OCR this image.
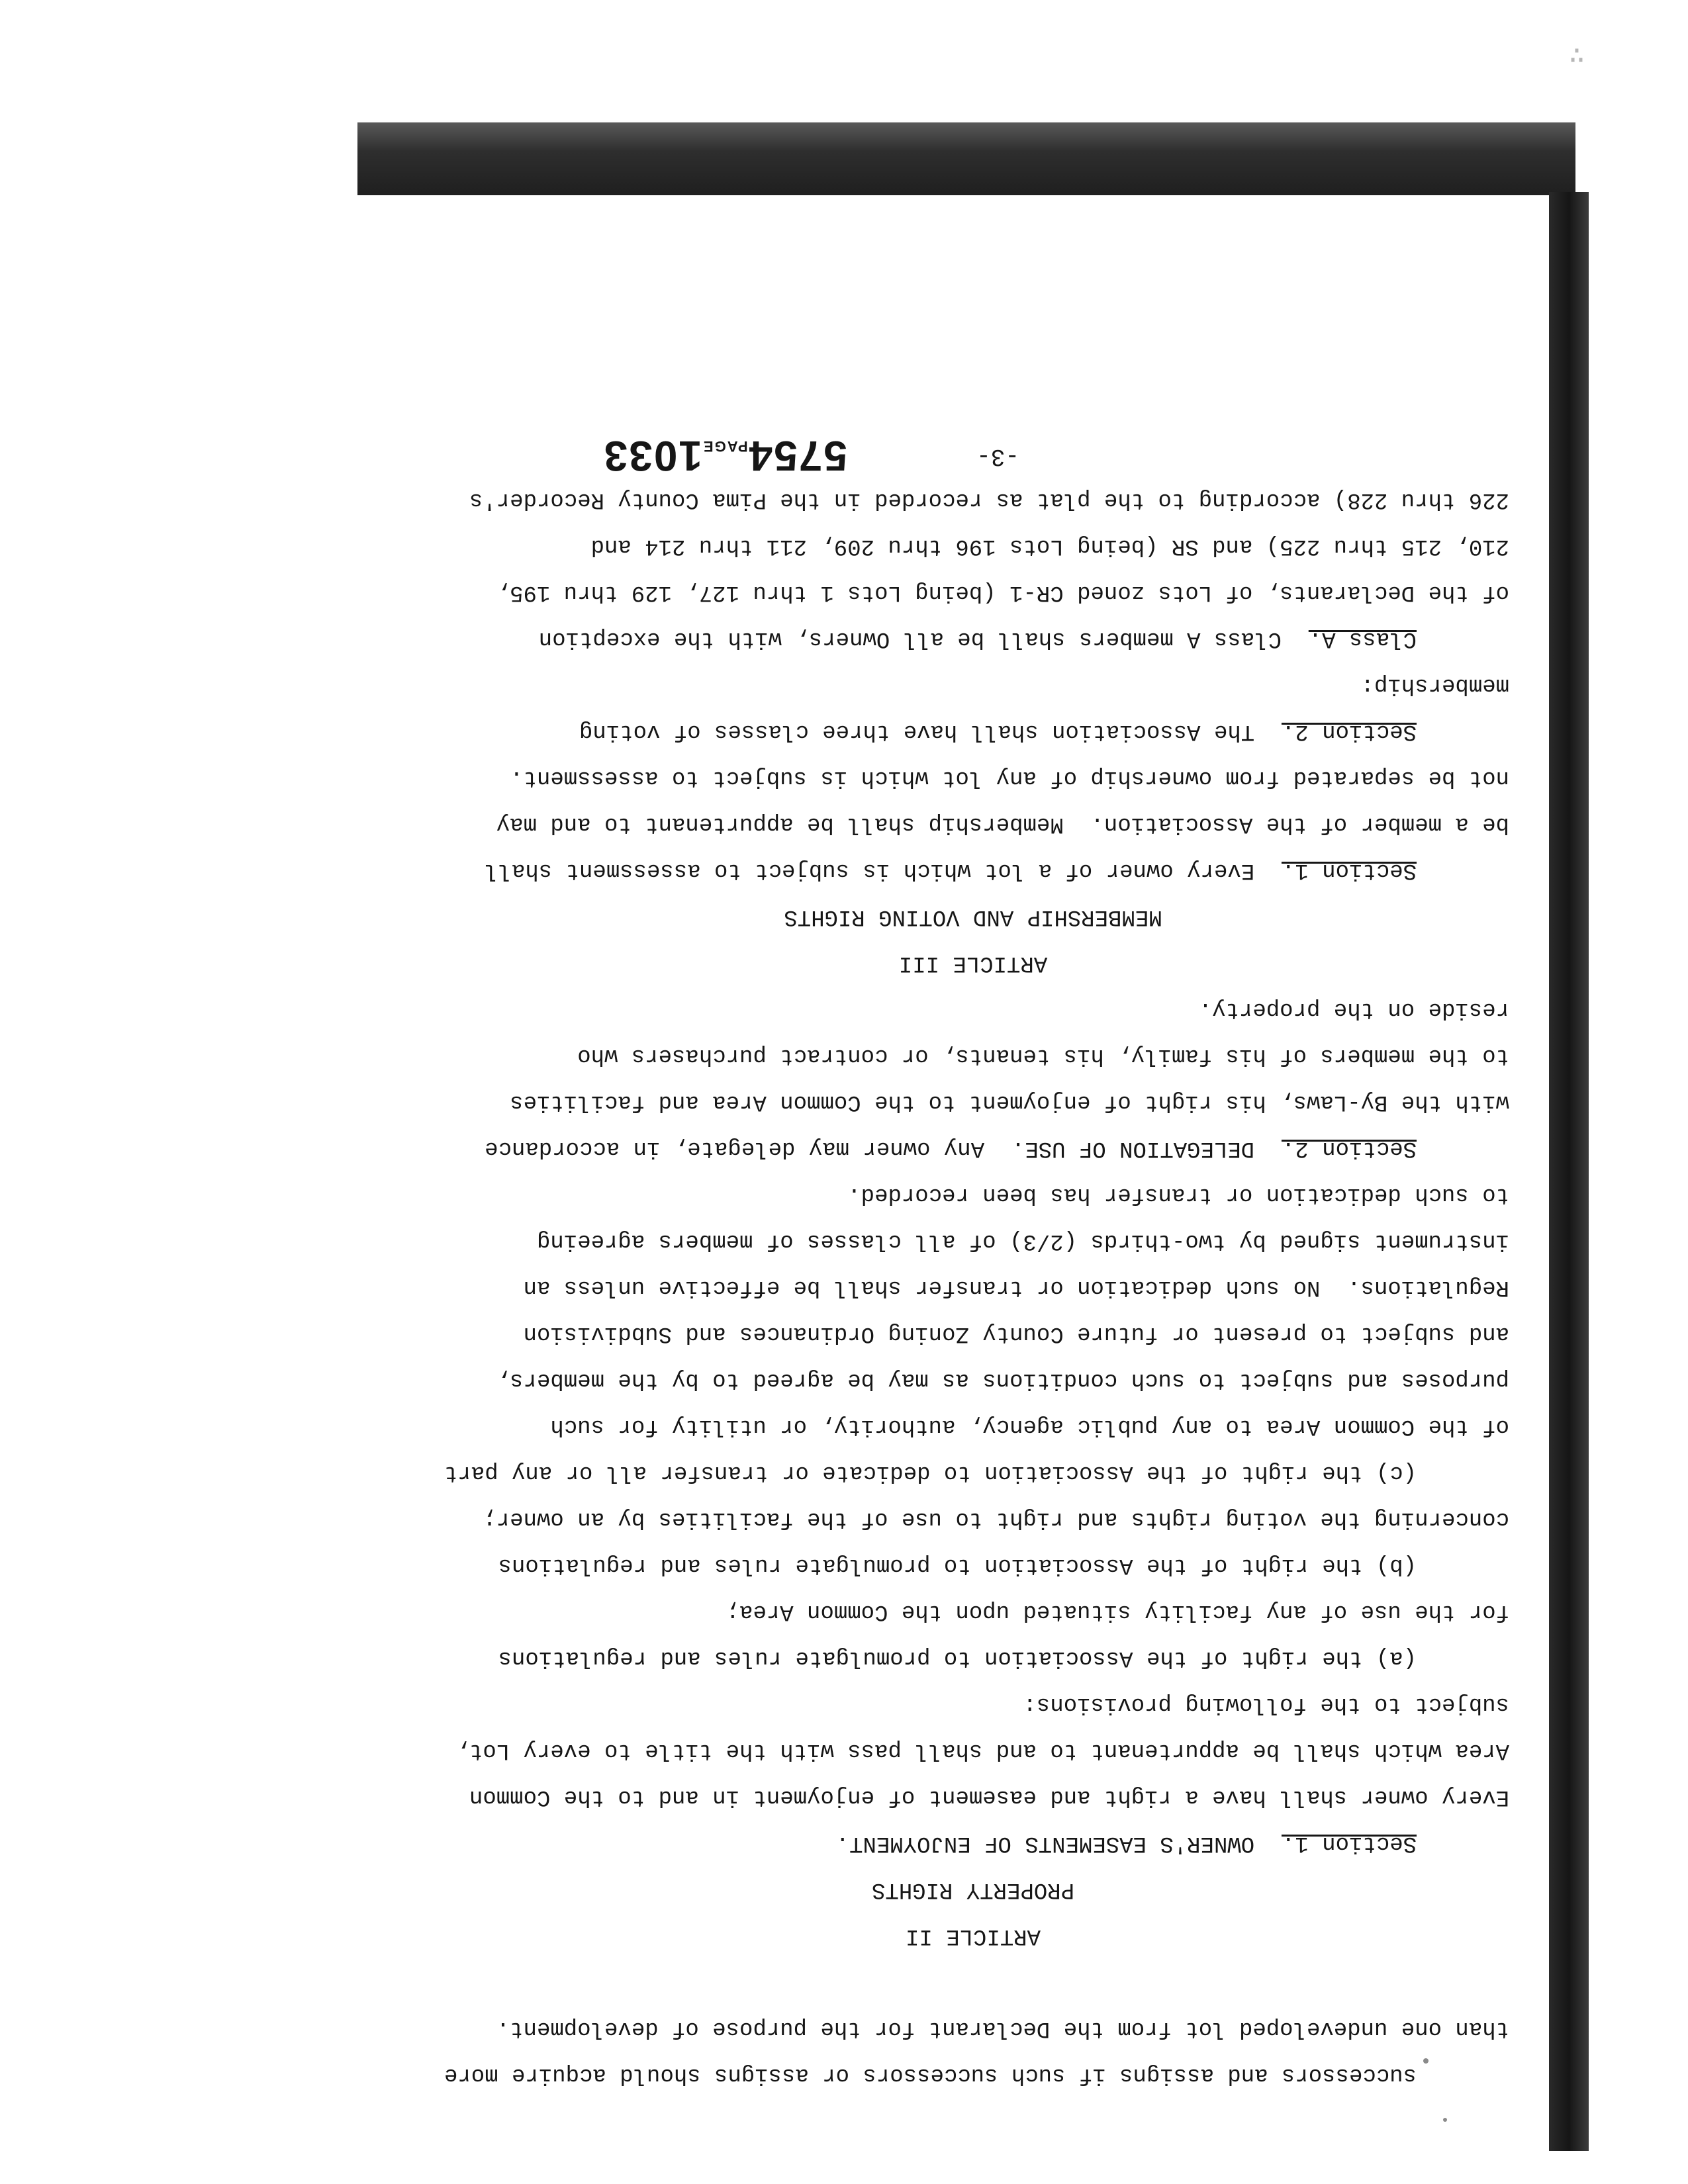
∴

successors and assigns if such successors or assigns should acquire more

than one undeveloped lot from the Declarant for the purpose of development.

ARTICLE II

PROPERTY RIGHTS

Section 1.  OWNER'S EASEMENTS OF ENJOYMENT.

Every owner shall have a right and easement of enjoyment in and to the Common

Area which shall be appurtenant to and shall pass with the title to every Lot,

subject to the following provisions:

(a) the right of the Association to promulgate rules and regulations

for the use of any facility situated upon the Common Area;

(b) the right of the Association to promulgate rules and regulations

concerning the voting rights and right to use of the facilities by an owner;

(c) the right of the Association to dedicate or transfer all or any part

of the Common Area to any public agency, authority, or utility for such

purposes and subject to such conditions as may be agreed to by the members,

and subject to present or future County Zoning Ordinances and Subdivision

Regulations.  No such dedication or transfer shall be effective unless an

instrument signed by two-thirds (2/3) of all classes of members agreeing

to such dedication or transfer has been recorded.

Section 2.  DELEGATION OF USE.  Any owner may delegate, in accordance

with the By-Laws, his right of enjoyment to the Common Area and facilities

to the members of his family, his tenants, or contract purchasers who

reside on the property.

ARTICLE III

MEMBERSHIP AND VOTING RIGHTS

Section 1.  Every owner of a lot which is subject to assessment shall

be a member of the Association.  Membership shall be appurtenant to and may

not be separated from ownership of any lot which is subject to assessment.

Section 2.  The Association shall have three classes of voting

membership:

Class A.  Class A members shall be all Owners, with the exception

of the Declarants, of Lots zoned CR-1 (being Lots 1 thru 127, 129 thru 195,

210, 215 thru 225) and SR (being Lots 196 thru 209, 211 thru 214 and

226 thru 228) according to the plat as recorded in the Pima County Recorder's

-3-
5754PAGE1033
